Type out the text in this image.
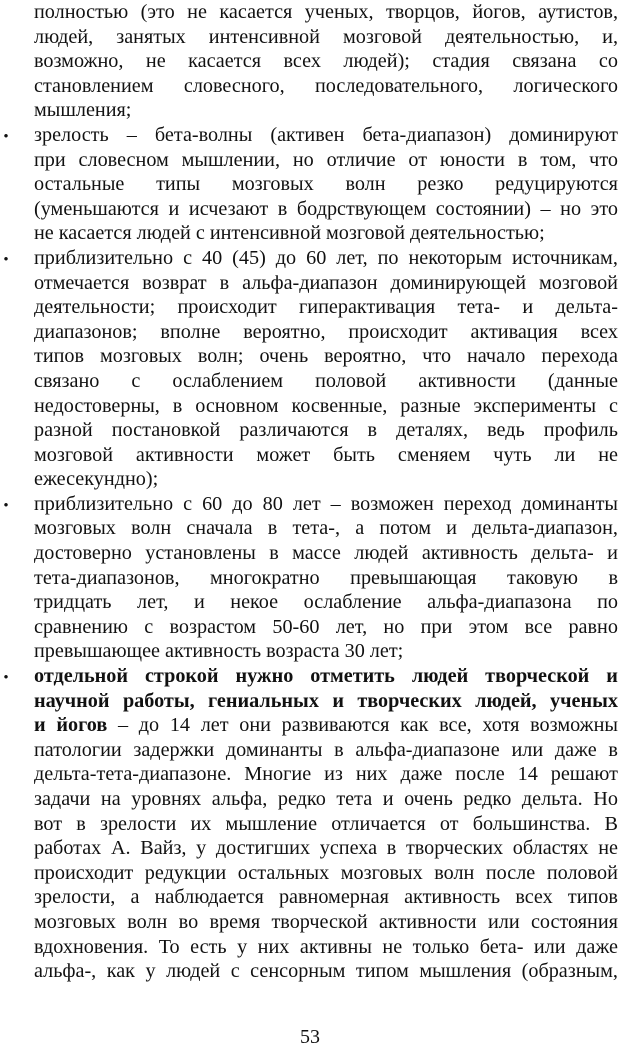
полностью (это не касается ученых, творцов, йогов, аутистов,
людей, занятых интенсивной мозговой деятельностью, и,
возможно, не касается всех людей); стадия связана со
становлением словесного, последовательного, логического
мышления;
• зрелость – бета-волны (активен бета-диапазон) доминируют
при словесном мышлении, но отличие от юности в том, что
остальные типы мозговых волн резко редуцируются
(уменьшаются и исчезают в бодрствующем состоянии) – но это
не касается людей с интенсивной мозговой деятельностью;
• приблизительно с 40 (45) до 60 лет, по некоторым источникам,
отмечается возврат в альфа-диапазон доминирующей мозговой
деятельности; происходит гиперактивация тета- и дельта-
диапазонов; вполне вероятно, происходит активация всех
типов мозговых волн; очень вероятно, что начало перехода
связано с ослаблением половой активности (данные
недостоверны, в основном косвенные, разные эксперименты с
разной постановкой различаются в деталях, ведь профиль
мозговой активности может быть сменяем чуть ли не
ежесекундно);
• приблизительно с 60 до 80 лет – возможен переход доминанты
мозговых волн сначала в тета-, а потом и дельта-диапазон,
достоверно установлены в массе людей активность дельта- и
тета-диапазонов, многократно превышающая таковую в
тридцать лет, и некое ослабление альфа-диапазона по
сравнению с возрастом 50-60 лет, но при этом все равно
превышающее активность возраста 30 лет;
• отдельной строкой нужно отметить людей творческой и
научной работы, гениальных и творческих людей, ученых
и йогов – до 14 лет они развиваются как все, хотя возможны
патологии задержки доминанты в альфа-диапазоне или даже в
дельта-тета-диапазоне. Многие из них даже после 14 решают
задачи на уровнях альфа, редко тета и очень редко дельта. Но
вот в зрелости их мышление отличается от большинства. В
работах А. Вайз, у достигших успеха в творческих областях не
происходит редукции остальных мозговых волн после половой
зрелости, а наблюдается равномерная активность всех типов
мозговых волн во время творческой активности или состояния
вдохновения. То есть у них активны не только бета- или даже
альфа-, как у людей с сенсорным типом мышления (образным,
53
